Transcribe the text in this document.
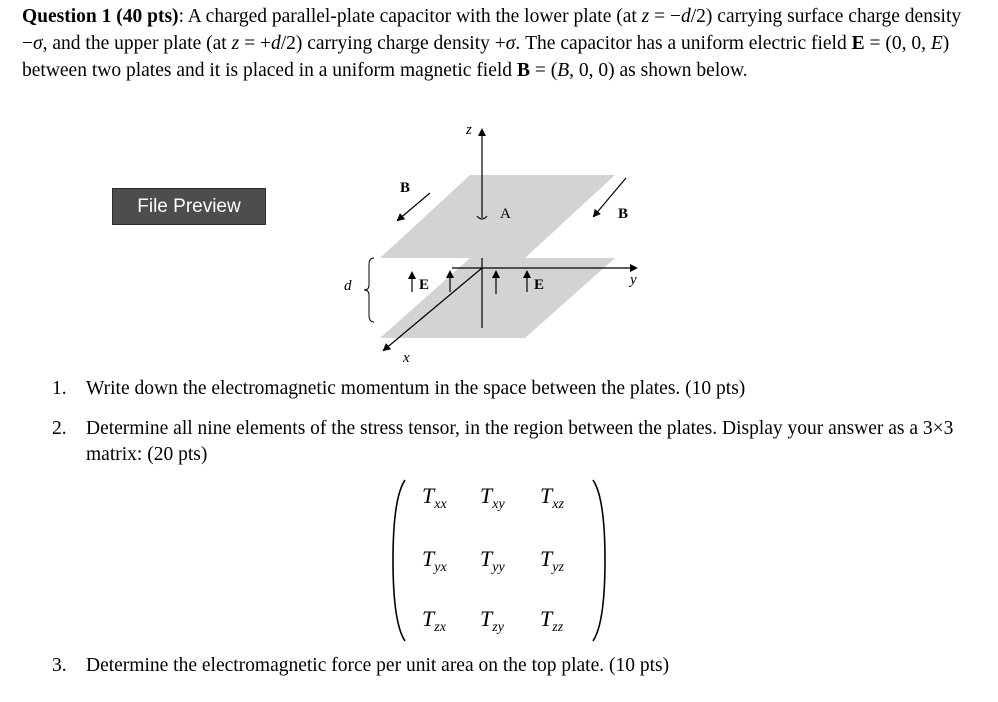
Question 1 (40 pts): A charged parallel-plate capacitor with the lower plate (at z = −d/2) carrying surface charge density −σ, and the upper plate (at z = +d/2) carrying charge density +σ. The capacitor has a uniform electric field E = (0, 0, E) between two plates and it is placed in a uniform magnetic field B = (B, 0, 0) as shown below.

z
y
x
A
B
B
E	E
d
File Preview
1. Write down the electromagnetic momentum in the space between the plates. (10 pts)
2. Determine all nine elements of the stress tensor, in the region between the plates. Display your answer as a 3×3 matrix: (20 pts)
$T_{xx}$ $T_{xy}$ $T_{xz}$
$T_{yx}$ $T_{yy}$ $T_{yz}$
$T_{zx}$ $T_{zy}$ $T_{zz}$
3. Determine the electromagnetic force per unit area on the top plate. (10 pts)
